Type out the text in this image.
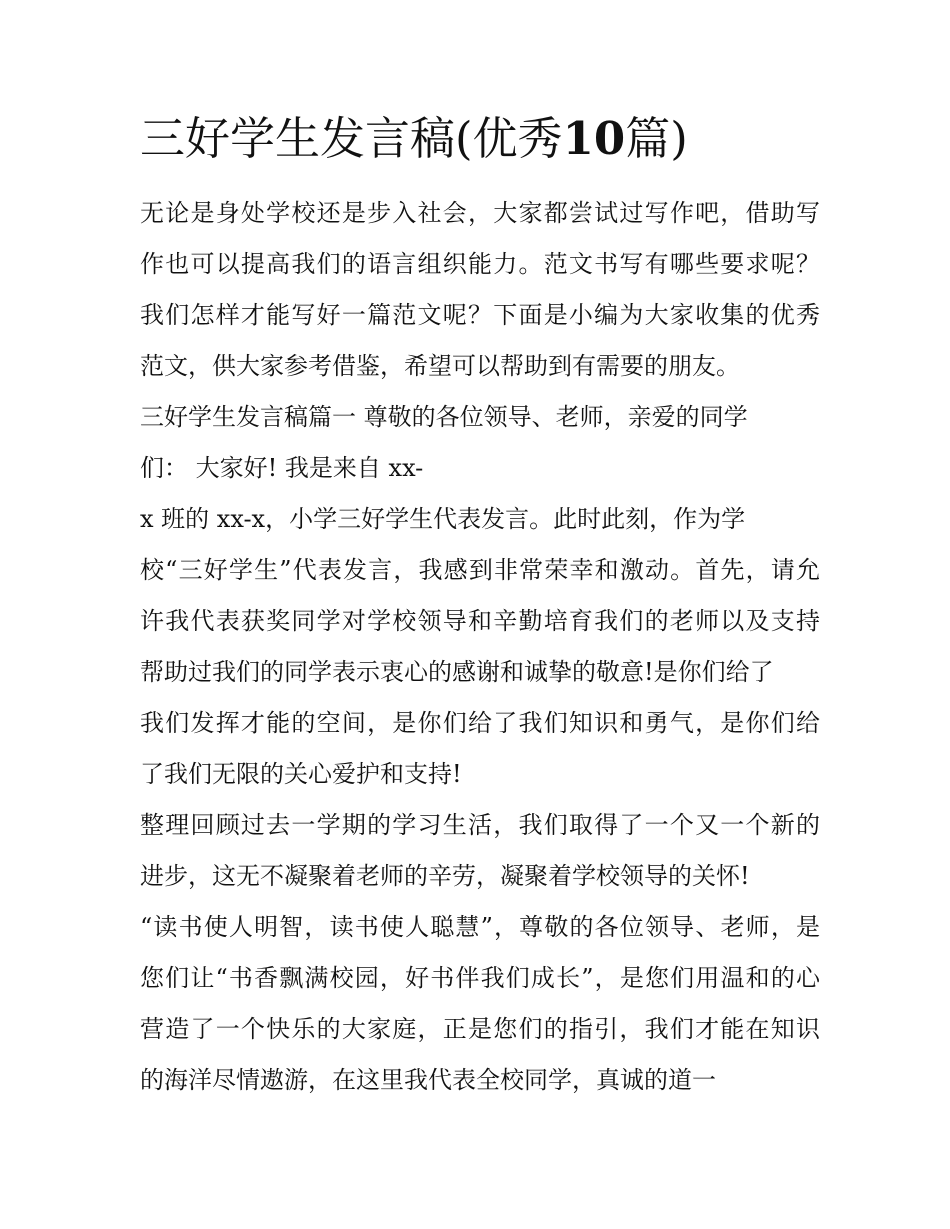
三好学生发言稿(优秀10篇)
无论是身处学校还是步入社会，大家都尝试过写作吧，借助写
作也可以提高我们的语言组织能力。范文书写有哪些要求呢？
我们怎样才能写好一篇范文呢？下面是小编为大家收集的优秀
范文，供大家参考借鉴，希望可以帮助到有需要的朋友。
三好学生发言稿篇一 尊敬的各位领导、老师，亲爱的同学
们： 大家好! 我是来自 xx-
x 班的 xx-x，小学三好学生代表发言。此时此刻，作为学
校“三好学生”代表发言，我感到非常荣幸和激动。首先，请允
许我代表获奖同学对学校领导和辛勤培育我们的老师以及支持
帮助过我们的同学表示衷心的感谢和诚挚的敬意!是你们给了
我们发挥才能的空间，是你们给了我们知识和勇气，是你们给
了我们无限的关心爱护和支持!
整理回顾过去一学期的学习生活，我们取得了一个又一个新的
进步，这无不凝聚着老师的辛劳，凝聚着学校领导的关怀!
“读书使人明智，读书使人聪慧”，尊敬的各位领导、老师，是
您们让“书香飘满校园，好书伴我们成长”，是您们用温和的心
营造了一个快乐的大家庭，正是您们的指引，我们才能在知识
的海洋尽情遨游，在这里我代表全校同学，真诚的道一
